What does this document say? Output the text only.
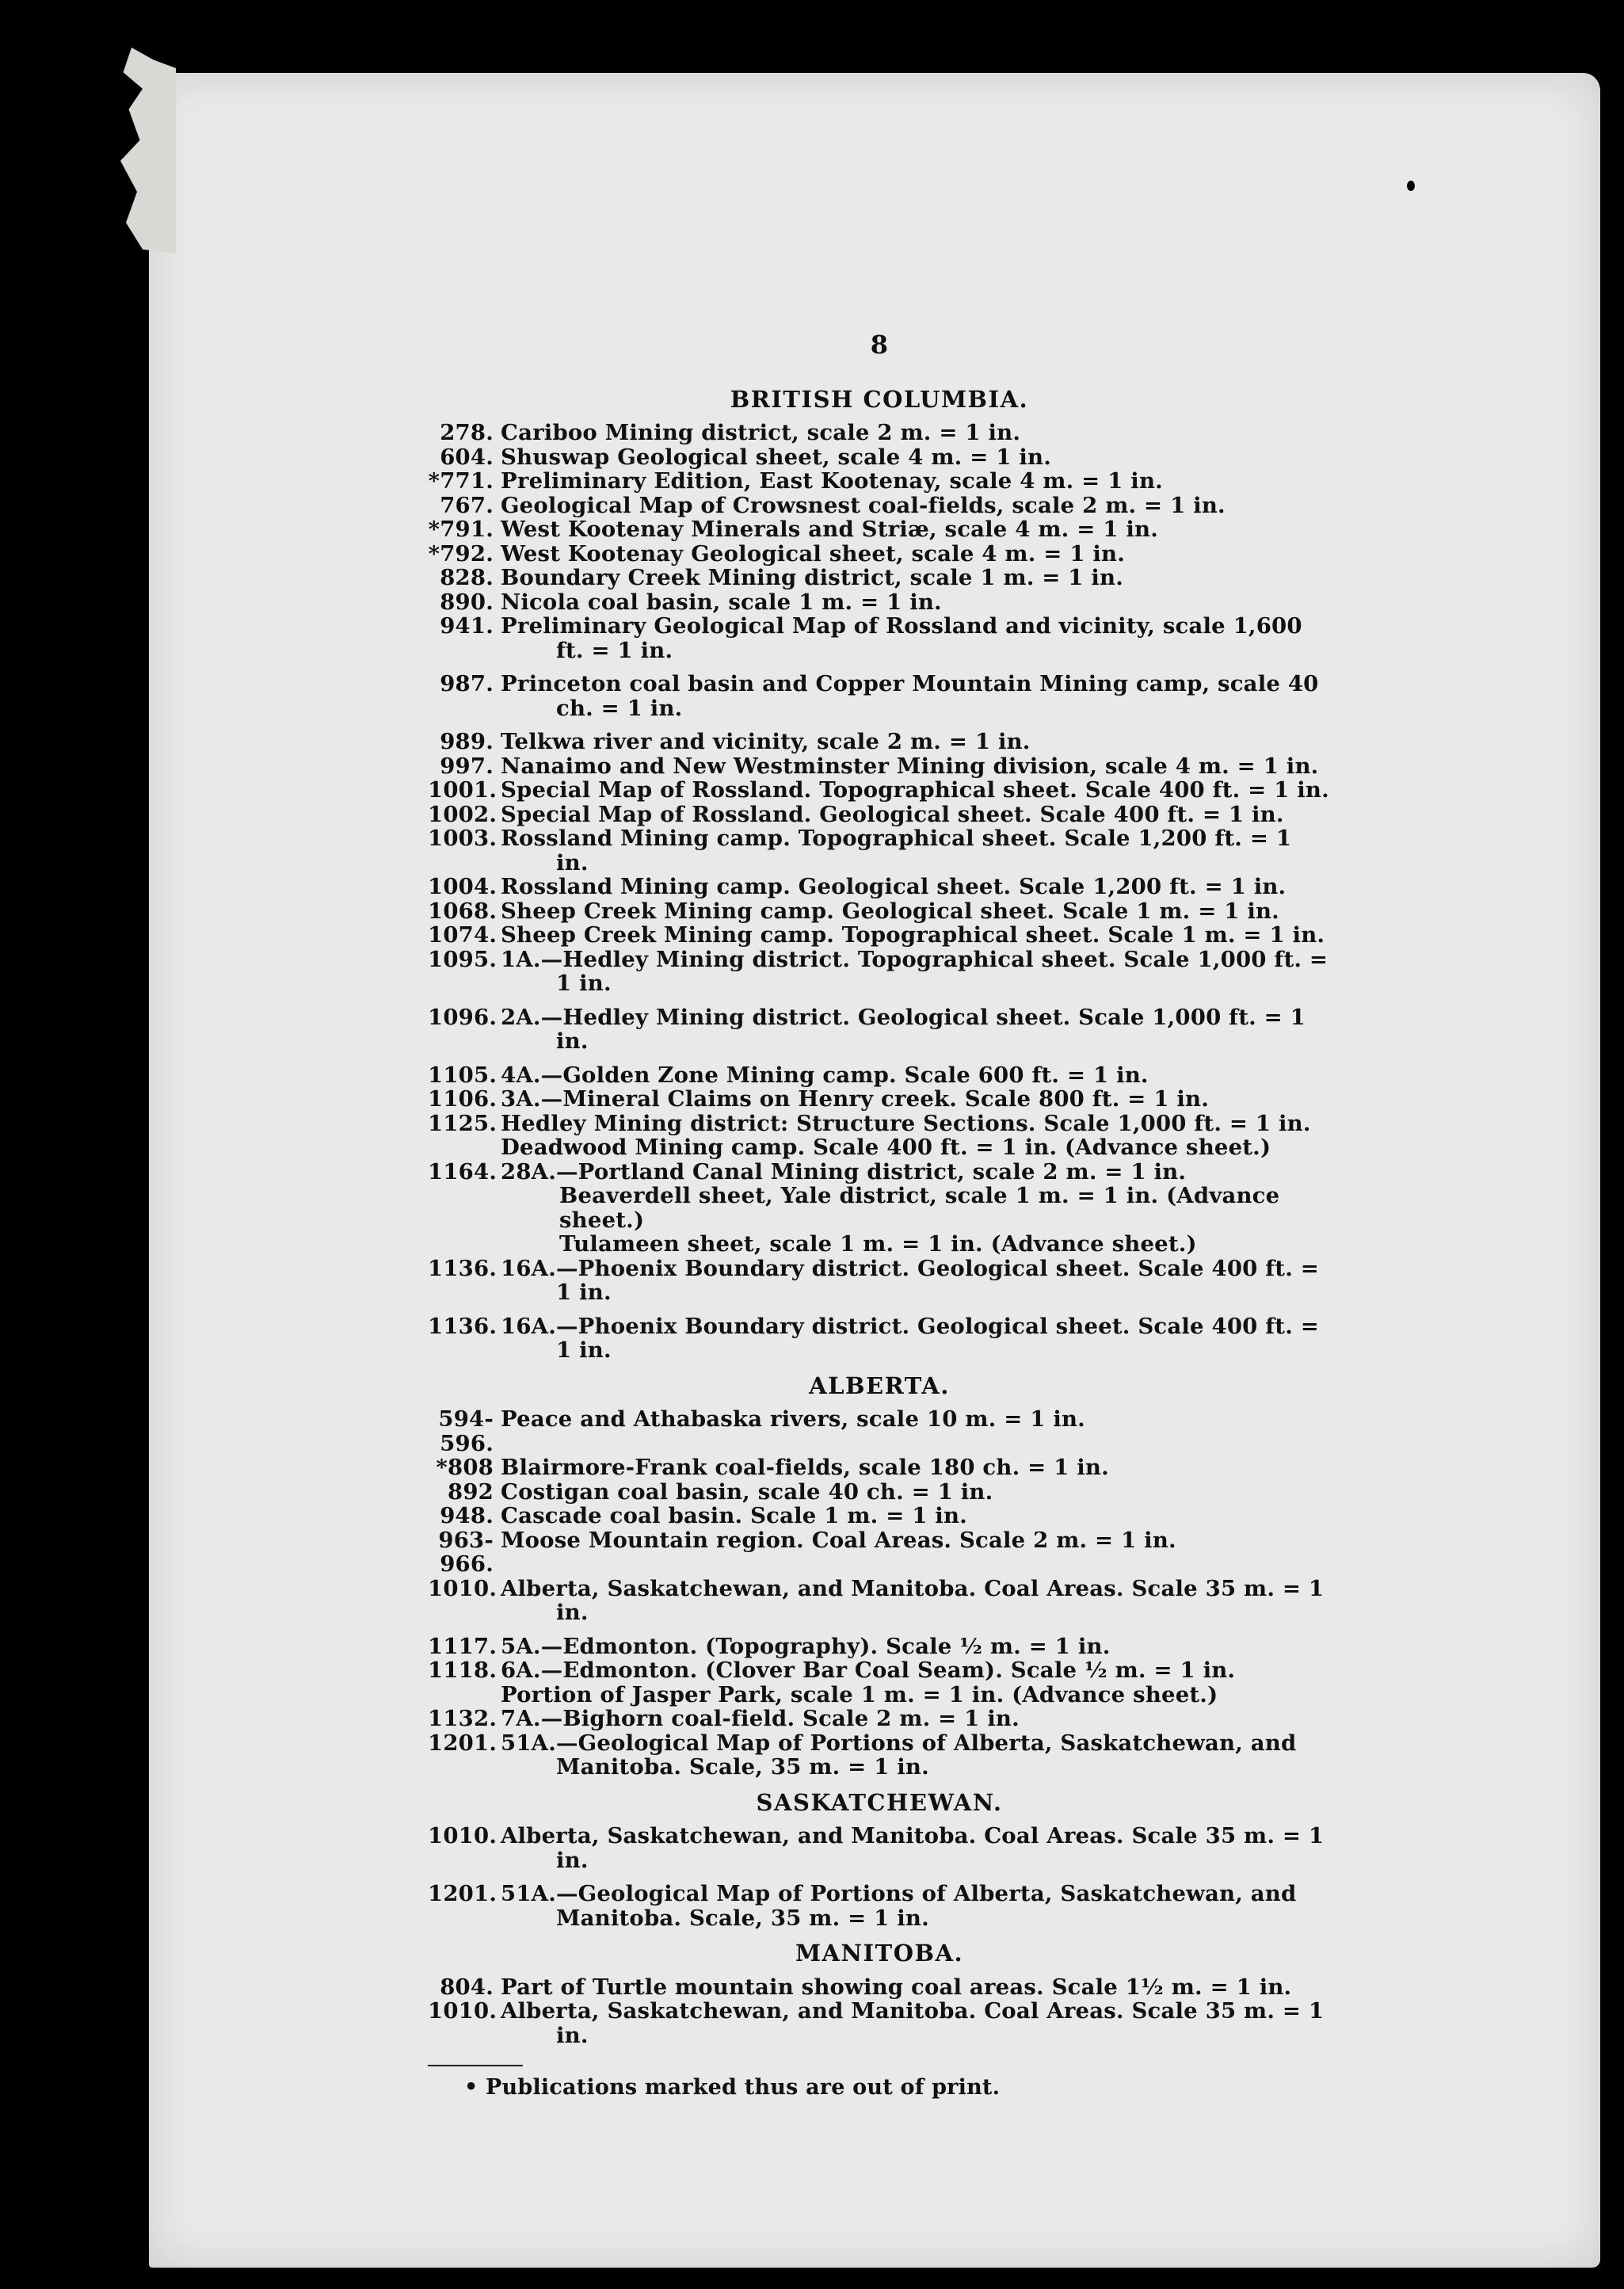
8
BRITISH COLUMBIA.
278. Cariboo Mining district, scale 2 m. = 1 in.
604. Shuswap Geological sheet, scale 4 m. = 1 in.
*771. Preliminary Edition, East Kootenay, scale 4 m. = 1 in.
767. Geological Map of Crowsnest coal-fields, scale 2 m. = 1 in.
*791. West Kootenay Minerals and Striæ, scale 4 m. = 1 in.
*792. West Kootenay Geological sheet, scale 4 m. = 1 in.
828. Boundary Creek Mining district, scale 1 m. = 1 in.
890. Nicola coal basin, scale 1 m. = 1 in.
941. Preliminary Geological Map of Rossland and vicinity, scale 1,600 ft. = 1 in.
987. Princeton coal basin and Copper Mountain Mining camp, scale 40 ch. = 1 in.
989. Telkwa river and vicinity, scale 2 m. = 1 in.
997. Nanaimo and New Westminster Mining division, scale 4 m. = 1 in.
1001. Special Map of Rossland. Topographical sheet. Scale 400 ft. = 1 in.
1002. Special Map of Rossland. Geological sheet. Scale 400 ft. = 1 in.
1003. Rossland Mining camp. Topographical sheet. Scale 1,200 ft. = 1 in.
1004. Rossland Mining camp. Geological sheet. Scale 1,200 ft. = 1 in.
1068. Sheep Creek Mining camp. Geological sheet. Scale 1 m. = 1 in.
1074. Sheep Creek Mining camp. Topographical sheet. Scale 1 m. = 1 in.
1095. 1A.—Hedley Mining district. Topographical sheet. Scale 1,000 ft. = 1 in.
1096. 2A.—Hedley Mining district. Geological sheet. Scale 1,000 ft. = 1 in.
1105. 4A.—Golden Zone Mining camp. Scale 600 ft. = 1 in.
1106. 3A.—Mineral Claims on Henry creek. Scale 800 ft. = 1 in.
1125. Hedley Mining district: Structure Sections. Scale 1,000 ft. = 1 in.
Deadwood Mining camp. Scale 400 ft. = 1 in. (Advance sheet.)
1164. 28A.—Portland Canal Mining district, scale 2 m. = 1 in.
Beaverdell sheet, Yale district, scale 1 m. = 1 in. (Advance sheet.)
Tulameen sheet, scale 1 m. = 1 in. (Advance sheet.)
1136. 16A.—Phoenix Boundary district. Geological sheet. Scale 400 ft. = 1 in.
1136. 16A.—Phoenix Boundary district. Geological sheet. Scale 400 ft. = 1 in.
ALBERTA.
594-596.
Peace and Athabaska rivers, scale 10 m. = 1 in.
*808 Blairmore-Frank coal-fields, scale 180 ch. = 1 in.
892 Costigan coal basin, scale 40 ch. = 1 in.
948. Cascade coal basin. Scale 1 m. = 1 in.
963-966.
Moose Mountain region. Coal Areas. Scale 2 m. = 1 in.
1010. Alberta, Saskatchewan, and Manitoba. Coal Areas. Scale 35 m. = 1 in.
1117. 5A.—Edmonton. (Topography). Scale ½ m. = 1 in.
1118. 6A.—Edmonton. (Clover Bar Coal Seam). Scale ½ m. = 1 in.
Portion of Jasper Park, scale 1 m. = 1 in. (Advance sheet.)
1132. 7A.—Bighorn coal-field. Scale 2 m. = 1 in.
1201. 51A.—Geological Map of Portions of Alberta, Saskatchewan, and Manitoba. Scale, 35 m. = 1 in.
SASKATCHEWAN.
1010. Alberta, Saskatchewan, and Manitoba. Coal Areas. Scale 35 m. = 1 in.
1201. 51A.—Geological Map of Portions of Alberta, Saskatchewan, and Manitoba. Scale, 35 m. = 1 in.
MANITOBA.
804. Part of Turtle mountain showing coal areas. Scale 1½ m. = 1 in.
1010. Alberta, Saskatchewan, and Manitoba. Coal Areas. Scale 35 m. = 1 in.
• Publications marked thus are out of print.
